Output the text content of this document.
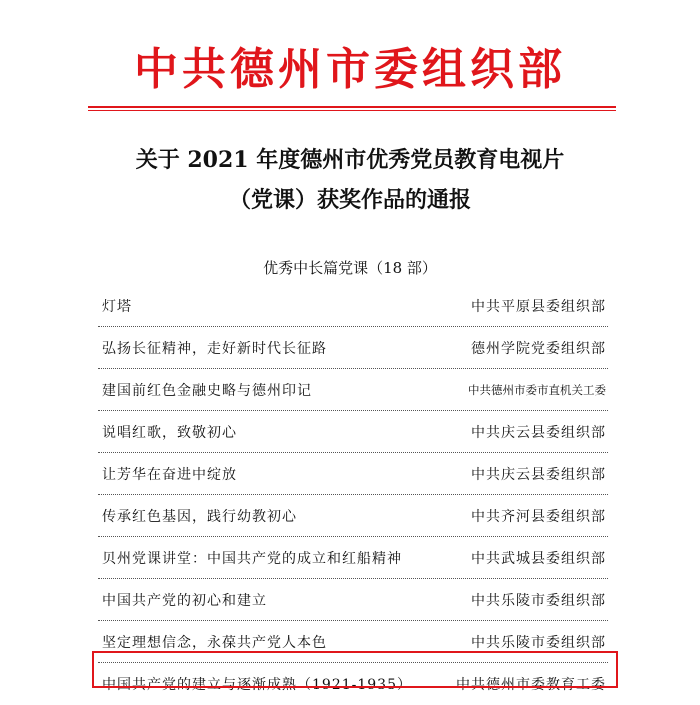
中共德州市委组织部
关于 2021 年度德州市优秀党员教育电视片
（党课）获奖作品的通报
优秀中长篇党课（18 部）
灯塔	中共平原县委组织部
弘扬长征精神，走好新时代长征路	德州学院党委组织部
建国前红色金融史略与德州印记	中共德州市委市直机关工委
说唱红歌，致敬初心	中共庆云县委组织部
让芳华在奋进中绽放	中共庆云县委组织部
传承红色基因，践行幼教初心	中共齐河县委组织部
贝州党课讲堂：中国共产党的成立和红船精神	中共武城县委组织部
中国共产党的初心和建立	中共乐陵市委组织部
坚定理想信念，永葆共产党人本色	中共乐陵市委组织部
中国共产党的建立与逐渐成熟（1921-1935）	中共德州市委教育工委
